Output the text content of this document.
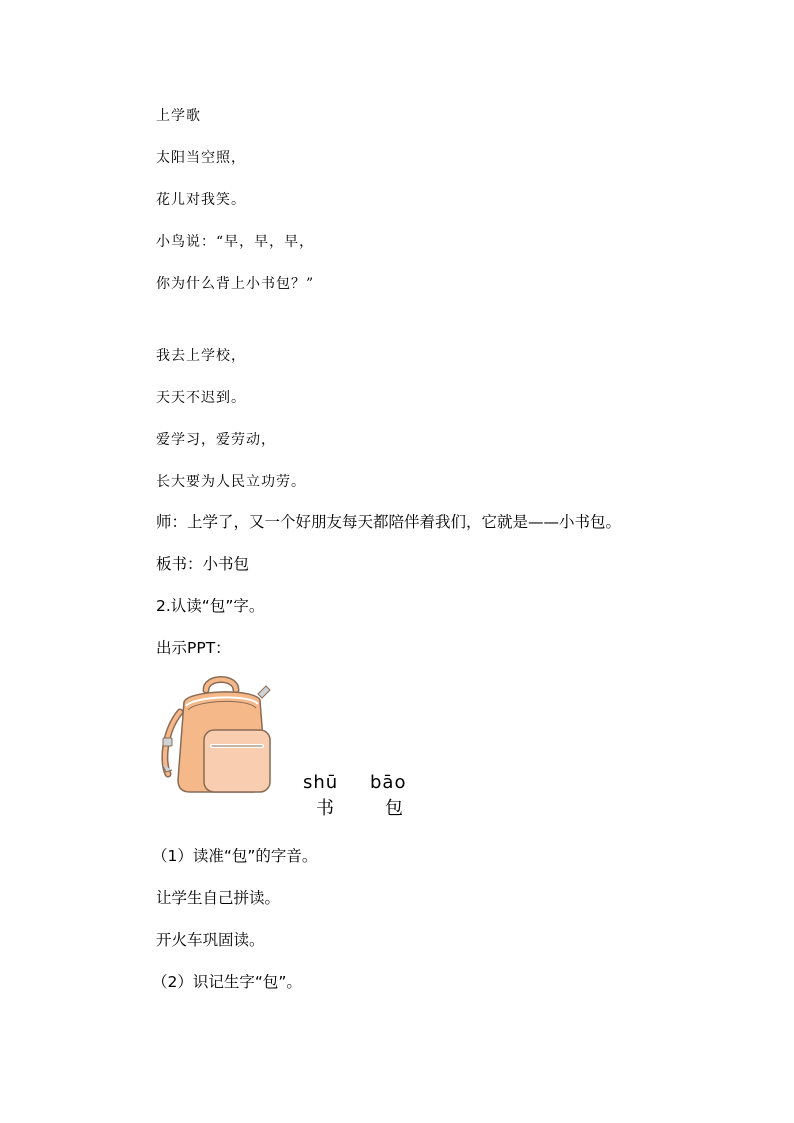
上学歌
太阳当空照，
花儿对我笑。
小鸟说：“早，早，早，
你为什么背上小书包？”
我去上学校，
天天不迟到。
爱学习，爱劳动，
长大要为人民立功劳。
师：上学了，又一个好朋友每天都陪伴着我们，它就是——小书包。
板书：小书包
2.认读“包”字。
出示PPT：
shū
书
bāo
包
（1）读准“包”的字音。
让学生自己拼读。
开火车巩固读。
（2）识记生字“包”。
